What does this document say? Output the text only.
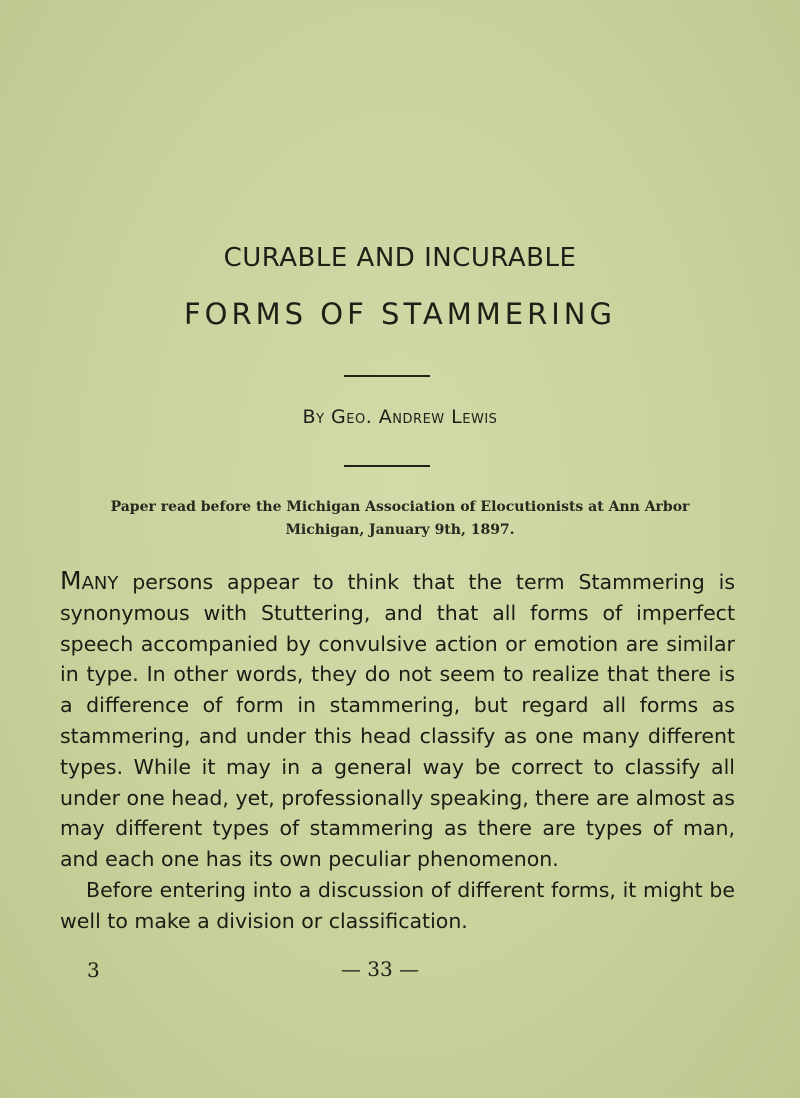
CURABLE AND INCURABLE
FORMS OF STAMMERING
By Geo. Andrew Lewis
Paper read before the Michigan Association of Elocutionists at Ann Arbor
Michigan, January 9th, 1897.

Many persons appear to think that the term Stammering is synonymous with Stuttering, and that all forms of imperfect speech accompanied by convulsive action or emotion are similar in type. In other words, they do not seem to realize that there is a difference of form in stammering, but regard all forms as stammering, and under this head classify as one many different types. While it may in a general way be correct to classify all under one head, yet, professionally speaking, there are almost as may different types of stammering as there are types of man, and each one has its own peculiar phenomenon.

Before entering into a discussion of different forms, it might be well to make a division or classification.

3	— 33 —
